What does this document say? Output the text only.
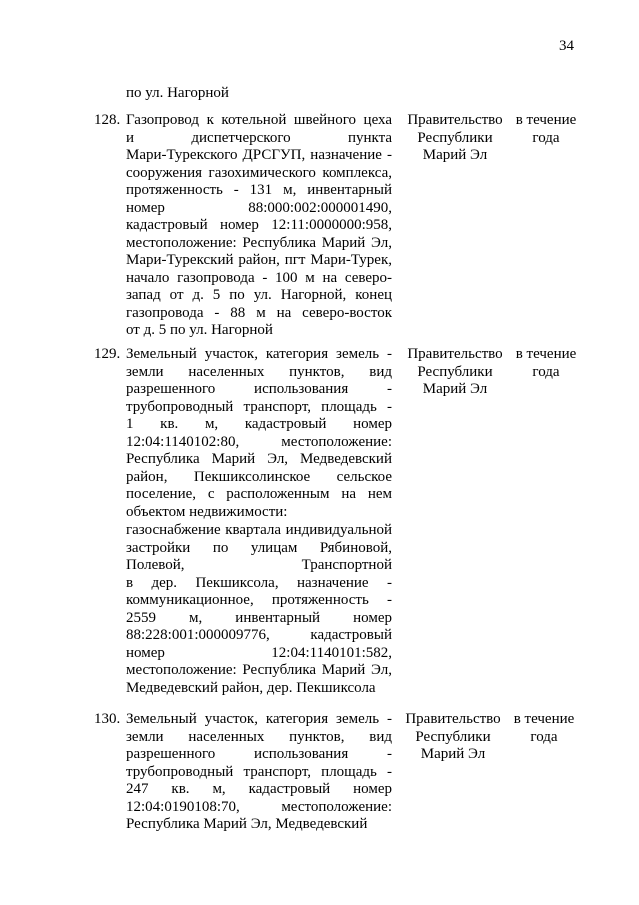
34
по ул. Нагорной
128. Газопровод к котельной швейного цеха
и диспетчерского пункта
Мари-Турекского ДРСГУП, назначение -
сооружения газохимического комплекса,
протяженность - 131 м, инвентарный
номер 88:000:002:000001490,
кадастровый номер 12:11:0000000:958,
местоположение: Республика Марий Эл,
Мари-Турекский район, пгт Мари-Турек,
начало газопровода - 100 м на северо-
запад от д. 5 по ул. Нагорной, конец
газопровода - 88 м на северо-восток
от д. 5 по ул. Нагорной
Правительство
Республики
Марий Эл
в течение
года
129. Земельный участок, категория земель -
земли населенных пунктов, вид
разрешенного использования -
трубопроводный транспорт, площадь -
1 кв. м, кадастровый номер
12:04:1140102:80, местоположение:
Республика Марий Эл, Медведевский
район, Пекшиксолинское сельское
поселение, с расположенным на нем
объектом недвижимости:
газоснабжение квартала индивидуальной
застройки по улицам Рябиновой,
Полевой, Транспортной
в дер. Пекшиксола, назначение -
коммуникационное, протяженность -
2559 м, инвентарный номер
88:228:001:000009776, кадастровый
номер 12:04:1140101:582,
местоположение: Республика Марий Эл,
Медведевский район, дер. Пекшиксола
Правительство
Республики
Марий Эл
в течение
года
130. Земельный участок, категория земель -
земли населенных пунктов, вид
разрешенного использования -
трубопроводный транспорт, площадь -
247 кв. м, кадастровый номер
12:04:0190108:70, местоположение:
Республика Марий Эл, Медведевский
Правительство
Республики
Марий Эл
в течение
года
